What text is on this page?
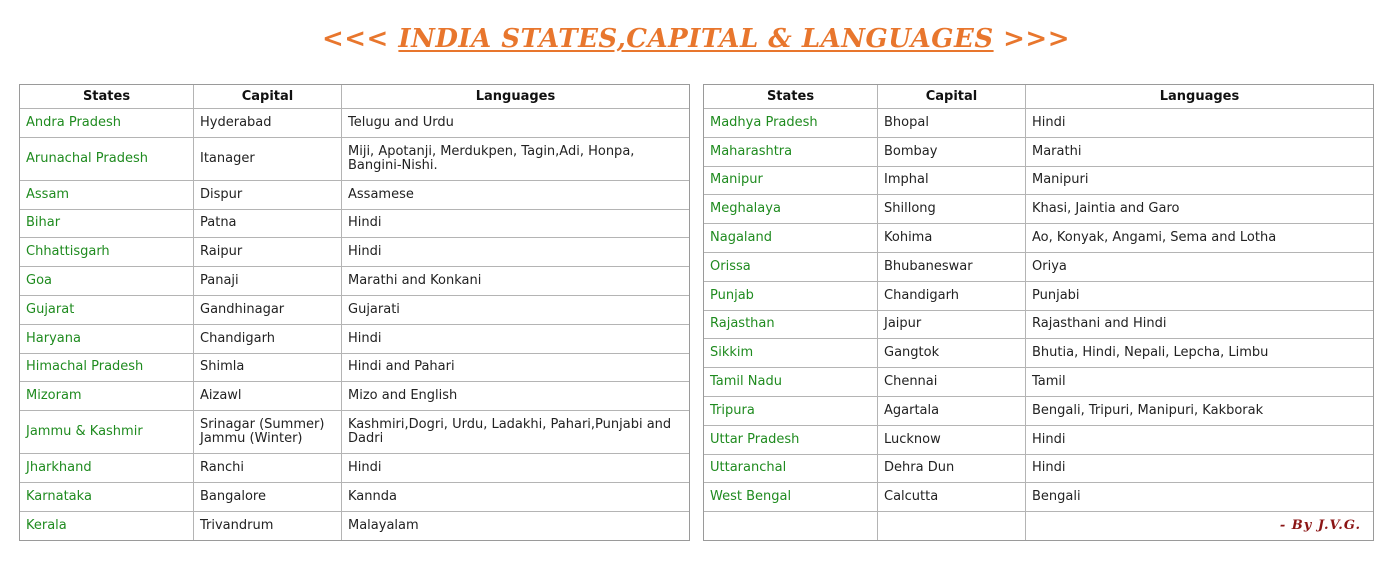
<<< INDIA STATES,CAPITAL & LANGUAGES >>>
States	Capital	Languages
Andra Pradesh	Hyderabad	Telugu and Urdu
Arunachal Pradesh	Itanager	Miji, Apotanji, Merdukpen, Tagin,Adi, Honpa, Bangini-Nishi.
Assam	Dispur	Assamese
Bihar	Patna	Hindi
Chhattisgarh	Raipur	Hindi
Goa	Panaji	Marathi and Konkani
Gujarat	Gandhinagar	Gujarati
Haryana	Chandigarh	Hindi
Himachal Pradesh	Shimla	Hindi and Pahari
Mizoram	Aizawl	Mizo and English
Jammu & Kashmir	Srinagar (Summer) Jammu (Winter)	Kashmiri,Dogri, Urdu, Ladakhi, Pahari,Punjabi and Dadri
Jharkhand	Ranchi	Hindi
Karnataka	Bangalore	Kannda
Kerala	Trivandrum	Malayalam
States	Capital	Languages
Madhya Pradesh	Bhopal	Hindi
Maharashtra	Bombay	Marathi
Manipur	Imphal	Manipuri
Meghalaya	Shillong	Khasi, Jaintia and Garo
Nagaland	Kohima	Ao, Konyak, Angami, Sema and Lotha
Orissa	Bhubaneswar	Oriya
Punjab	Chandigarh	Punjabi
Rajasthan	Jaipur	Rajasthani and Hindi
Sikkim	Gangtok	Bhutia, Hindi, Nepali, Lepcha, Limbu
Tamil Nadu	Chennai	Tamil
Tripura	Agartala	Bengali, Tripuri, Manipuri, Kakborak
Uttar Pradesh	Lucknow	Hindi
Uttaranchal	Dehra Dun	Hindi
West Bengal	Calcutta	Bengali
		- By J.V.G.
